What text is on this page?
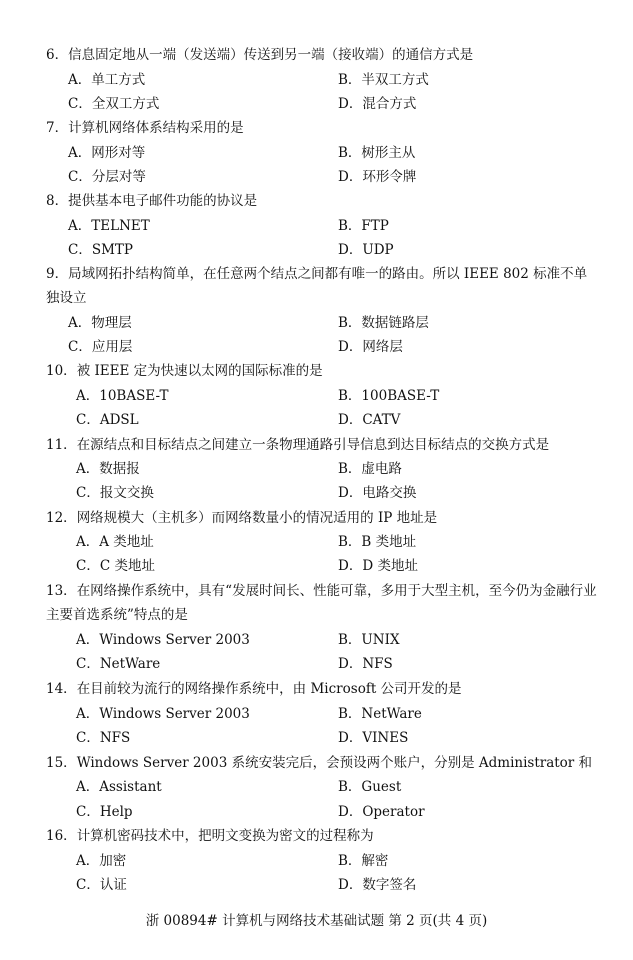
6．信息固定地从一端（发送端）传送到另一端（接收端）的通信方式是
A．单工方式	B．半双工方式
C．全双工方式	D．混合方式
7．计算机网络体系结构采用的是
A．网形对等	B．树形主从
C．分层对等	D．环形令牌
8．提供基本电子邮件功能的协议是
A．TELNET	B．FTP
C．SMTP	D．UDP
9．局域网拓扑结构简单，在任意两个结点之间都有唯一的路由。所以 IEEE 802 标准不单独设立
A．物理层	B．数据链路层
C．应用层	D．网络层
10．被 IEEE 定为快速以太网的国际标准的是
A．10BASE-T	B．100BASE-T
C．ADSL	D．CATV
11．在源结点和目标结点之间建立一条物理通路引导信息到达目标结点的交换方式是
A．数据报	B．虚电路
C．报文交换	D．电路交换
12．网络规模大（主机多）而网络数量小的情况适用的 IP 地址是
A．A 类地址	B．B 类地址
C．C 类地址	D．D 类地址
13．在网络操作系统中，具有“发展时间长、性能可靠，多用于大型主机，至今仍为金融行业主要首选系统”特点的是
A．Windows Server 2003	B．UNIX
C．NetWare	D．NFS
14．在目前较为流行的网络操作系统中，由 Microsoft 公司开发的是
A．Windows Server 2003	B．NetWare
C．NFS	D．VINES
15．Windows Server 2003 系统安装完后，会预设两个账户，分别是 Administrator 和
A．Assistant	B．Guest
C．Help	D．Operator
16．计算机密码技术中，把明文变换为密文的过程称为
A．加密	B．解密
C．认证	D．数字签名
浙 00894# 计算机与网络技术基础试题 第 2 页(共 4 页)
